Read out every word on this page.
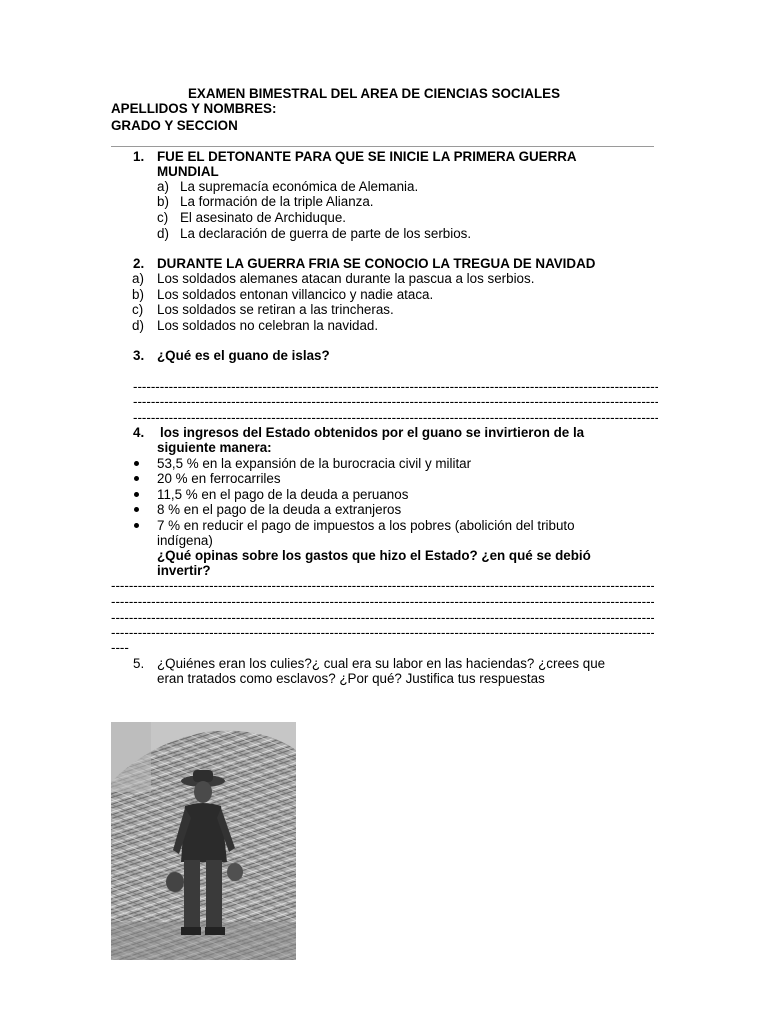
EXAMEN BIMESTRAL DEL AREA DE CIENCIAS SOCIALES
APELLIDOS Y NOMBRES:
GRADO Y SECCION
1. FUE EL DETONANTE PARA QUE SE INICIE LA PRIMERA GUERRA
MUNDIAL
a) La supremacía económica de Alemania.
b) La formación de la triple Alianza.
c) El asesinato de Archiduque.
d) La declaración de guerra de parte de los serbios.
2. DURANTE LA GUERRA FRIA SE CONOCIO LA TREGUA DE NAVIDAD
a) Los soldados alemanes atacan durante la pascua a los serbios.
b) Los soldados entonan villancico y nadie ataca.
c) Los soldados se retiran a las trincheras.
d) Los soldados no celebran la navidad.
3. ¿Qué es el guano de islas?
-----
-----
-----
4. los ingresos del Estado obtenidos por el guano se invirtieron de la
siguiente manera:
53,5 % en la expansión de la burocracia civil y militar
20 % en ferrocarriles
11,5 % en el pago de la deuda a peruanos
8 % en el pago de la deuda a extranjeros
7 % en reducir el pago de impuestos a los pobres (abolición del tributo
indígena)
¿Qué opinas sobre los gastos que hizo el Estado? ¿en qué se debió
invertir?
-----
-----
-----
-----
----
5. ¿Quiénes eran los culies?¿ cual era su labor en las haciendas? ¿crees que
eran tratados como esclavos? ¿Por qué? Justifica tus respuestas
